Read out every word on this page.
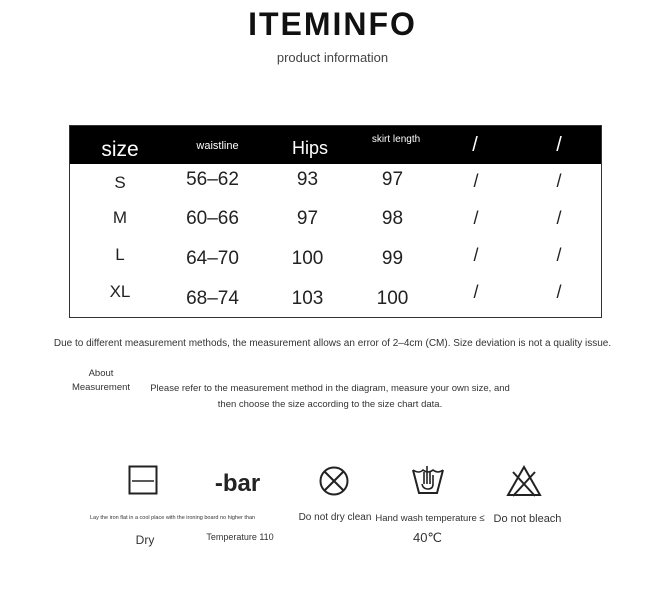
ITEMINFO
product information
size	waistline	Hips	skirt length	/	/
S	56–62	93	97	/	/
M	60–66	97	98	/	/
L	64–70	100	99	/	/
XL	68–74	103	100	/	/
Due to different measurement methods, the measurement allows an error of 2–4cm (CM). Size deviation is not a quality issue.
About
Measurement	Please refer to the measurement method in the diagram, measure your own size, and
then choose the size according to the size chart data.
Lay the iron flat in a cool place with the ironing board no higher than
Dry
-bar
Temperature 110
Do not dry clean Hand wash temperature ≤
40℃
Do not bleach
